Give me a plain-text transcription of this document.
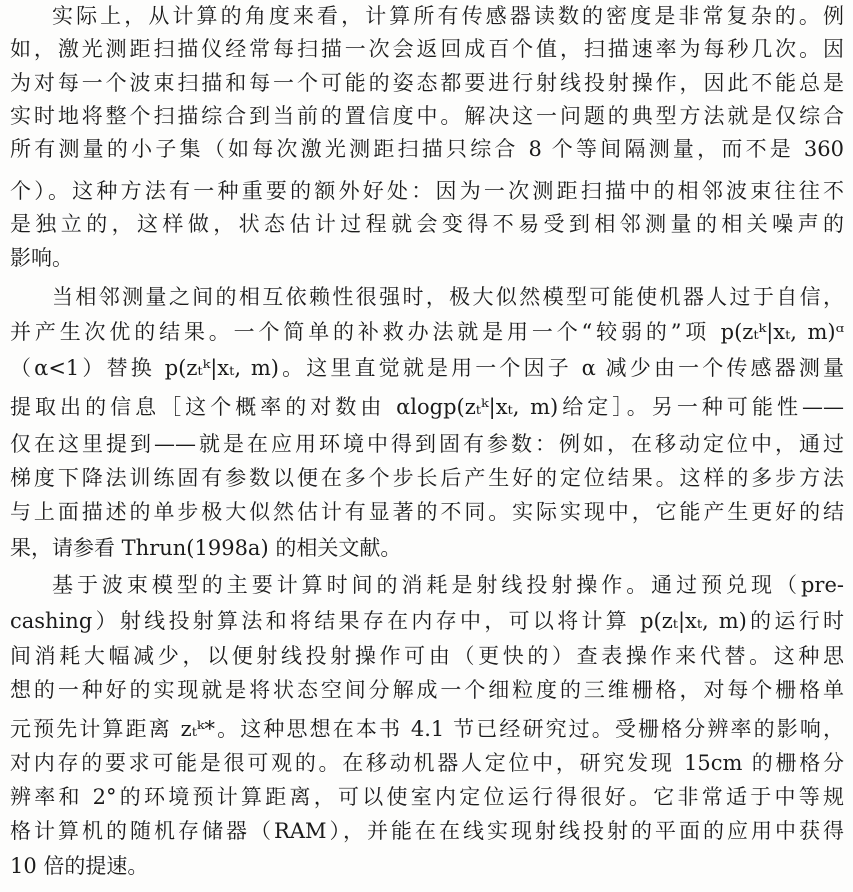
实际上，从计算的角度来看，计算所有传感器读数的密度是非常复杂的。例
如，激光测距扫描仪经常每扫描一次会返回成百个值，扫描速率为每秒几次。因
为对每一个波束扫描和每一个可能的姿态都要进行射线投射操作，因此不能总是
实时地将整个扫描综合到当前的置信度中。解决这一问题的典型方法就是仅综合
所有测量的小子集（如每次激光测距扫描只综合 8 个等间隔测量，而不是 360
个）。这种方法有一种重要的额外好处：因为一次测距扫描中的相邻波束往往不
是独立的，这样做，状态估计过程就会变得不易受到相邻测量的相关噪声的
影响。
当相邻测量之间的相互依赖性很强时，极大似然模型可能使机器人过于自信，
并产生次优的结果。一个简单的补救办法就是用一个“较弱的”项 p(zₜᵏ|xₜ, m)ᵅ
（α<1）替换 p(zₜᵏ|xₜ, m)。这里直觉就是用一个因子 α 减少由一个传感器测量
提取出的信息［这个概率的对数由 αlogp(zₜᵏ|xₜ, m)给定］。另一种可能性——
仅在这里提到——就是在应用环境中得到固有参数：例如，在移动定位中，通过
梯度下降法训练固有参数以便在多个步长后产生好的定位结果。这样的多步方法
与上面描述的单步极大似然估计有显著的不同。实际实现中，它能产生更好的结
果，请参看 Thrun(1998a) 的相关文献。
基于波束模型的主要计算时间的消耗是射线投射操作。通过预兑现（pre-
cashing）射线投射算法和将结果存在内存中，可以将计算 p(zₜ|xₜ, m)的运行时
间消耗大幅减少，以便射线投射操作可由（更快的）查表操作来代替。这种思
想的一种好的实现就是将状态空间分解成一个细粒度的三维栅格，对每个栅格单
元预先计算距离 zₜᵏ*。这种思想在本书 4.1 节已经研究过。受栅格分辨率的影响，
对内存的要求可能是很可观的。在移动机器人定位中，研究发现 15cm 的栅格分
辨率和 2°的环境预计算距离，可以使室内定位运行得很好。它非常适于中等规
格计算机的随机存储器（RAM），并能在在线实现射线投射的平面的应用中获得
10 倍的提速。
